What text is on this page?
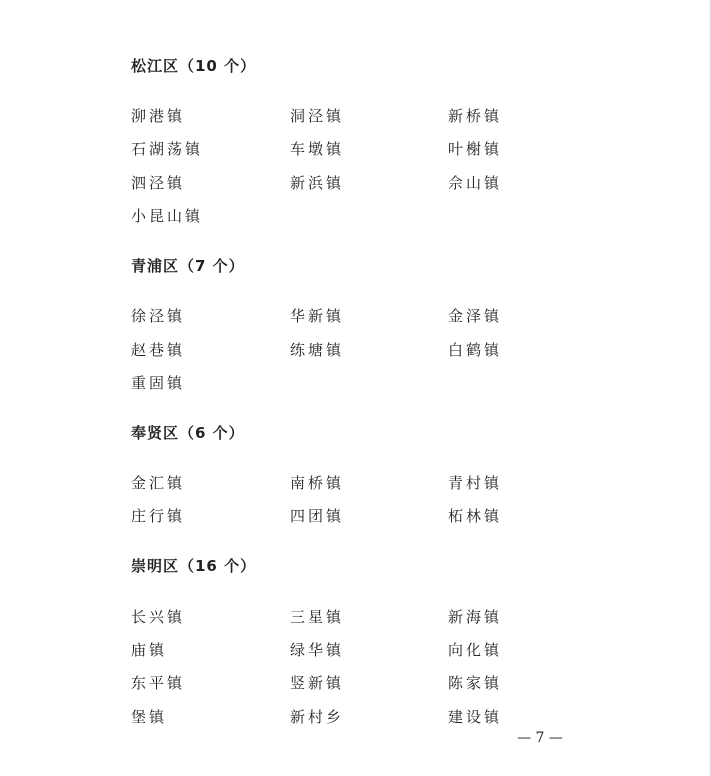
松江区（10 个）
泖港镇	洞泾镇	新桥镇
石湖荡镇	车墩镇	叶榭镇
泗泾镇	新浜镇	佘山镇
小昆山镇
青浦区（7 个）
徐泾镇	华新镇	金泽镇
赵巷镇	练塘镇	白鹤镇
重固镇
奉贤区（6 个）
金汇镇	南桥镇	青村镇
庄行镇	四团镇	柘林镇
崇明区（16 个）
长兴镇	三星镇	新海镇
庙镇	绿华镇	向化镇
东平镇	竖新镇	陈家镇
堡镇	新村乡	建设镇
— 7 —
